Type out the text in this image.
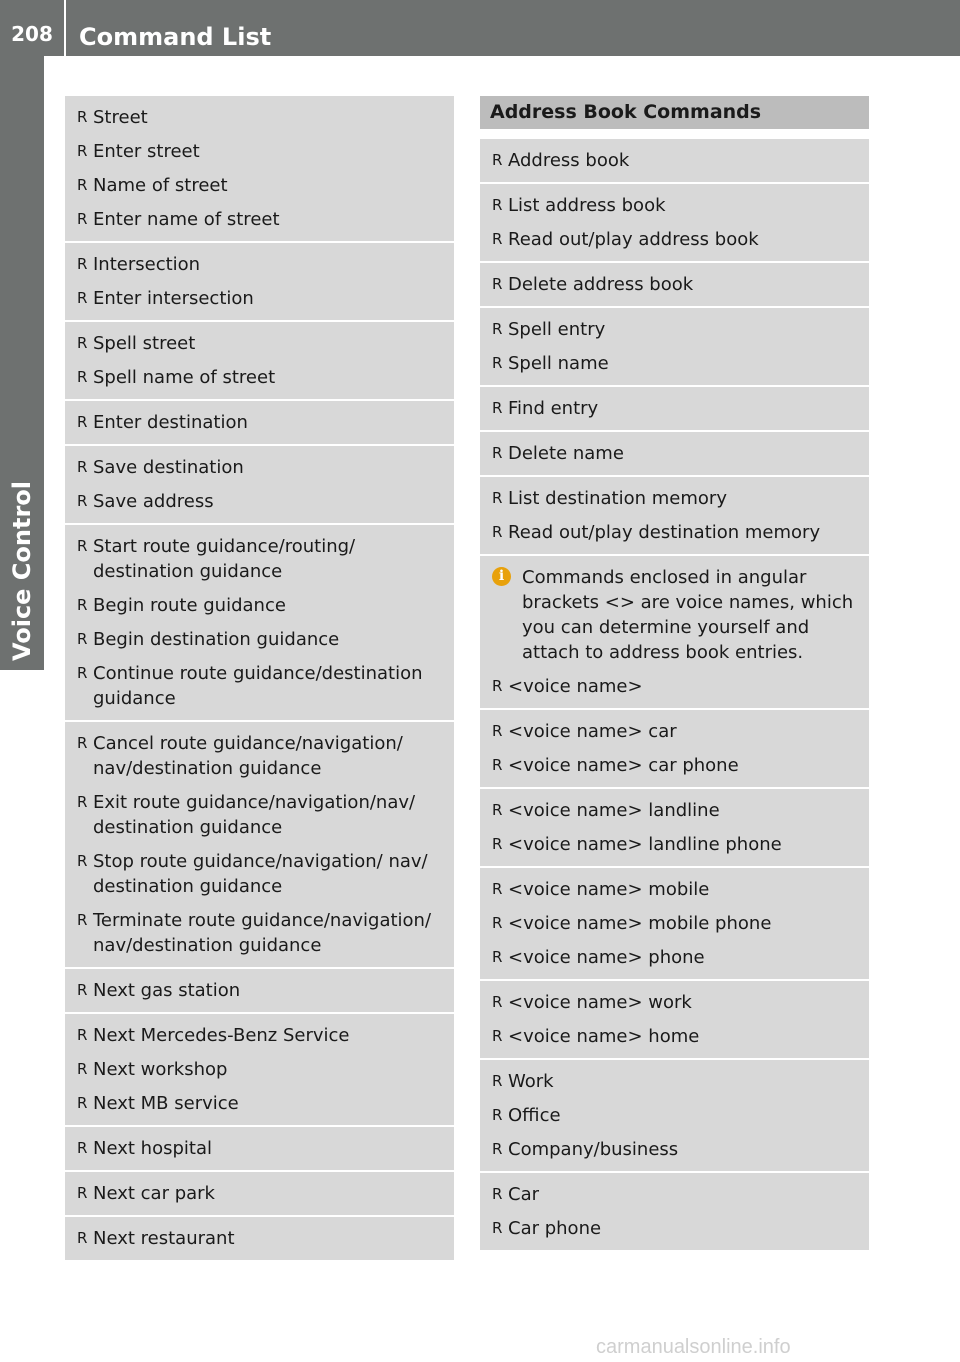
208	Command List
Voice Control
R Street
R Enter street
R Name of street
R Enter name of street
R Intersection
R Enter intersection
R Spell street
R Spell name of street
R Enter destination
R Save destination
R Save address
R Start route guidance/routing/ destination guidance
R Begin route guidance
R Begin destination guidance
R Continue route guidance/destination guidance
R Cancel route guidance/navigation/ nav/destination guidance
R Exit route guidance/navigation/nav/ destination guidance
R Stop route guidance/navigation/ nav/ destination guidance
R Terminate route guidance/navigation/ nav/destination guidance
R Next gas station
R Next Mercedes-Benz Service
R Next workshop
R Next MB service
R Next hospital
R Next car park
R Next restaurant
Address Book Commands
R Address book
R List address book
R Read out/play address book
R Delete address book
R Spell entry
R Spell name
R Find entry
R Delete name
R List destination memory
R Read out/play destination memory
i Commands enclosed in angular brackets <> are voice names, which you can determine yourself and attach to address book entries.
R <voice name>
R <voice name> car
R <voice name> car phone
R <voice name> landline
R <voice name> landline phone
R <voice name> mobile
R <voice name> mobile phone
R <voice name> phone
R <voice name> work
R <voice name> home
R Work
R Office
R Company/business
R Car
R Car phone
carmanualsonline.info
